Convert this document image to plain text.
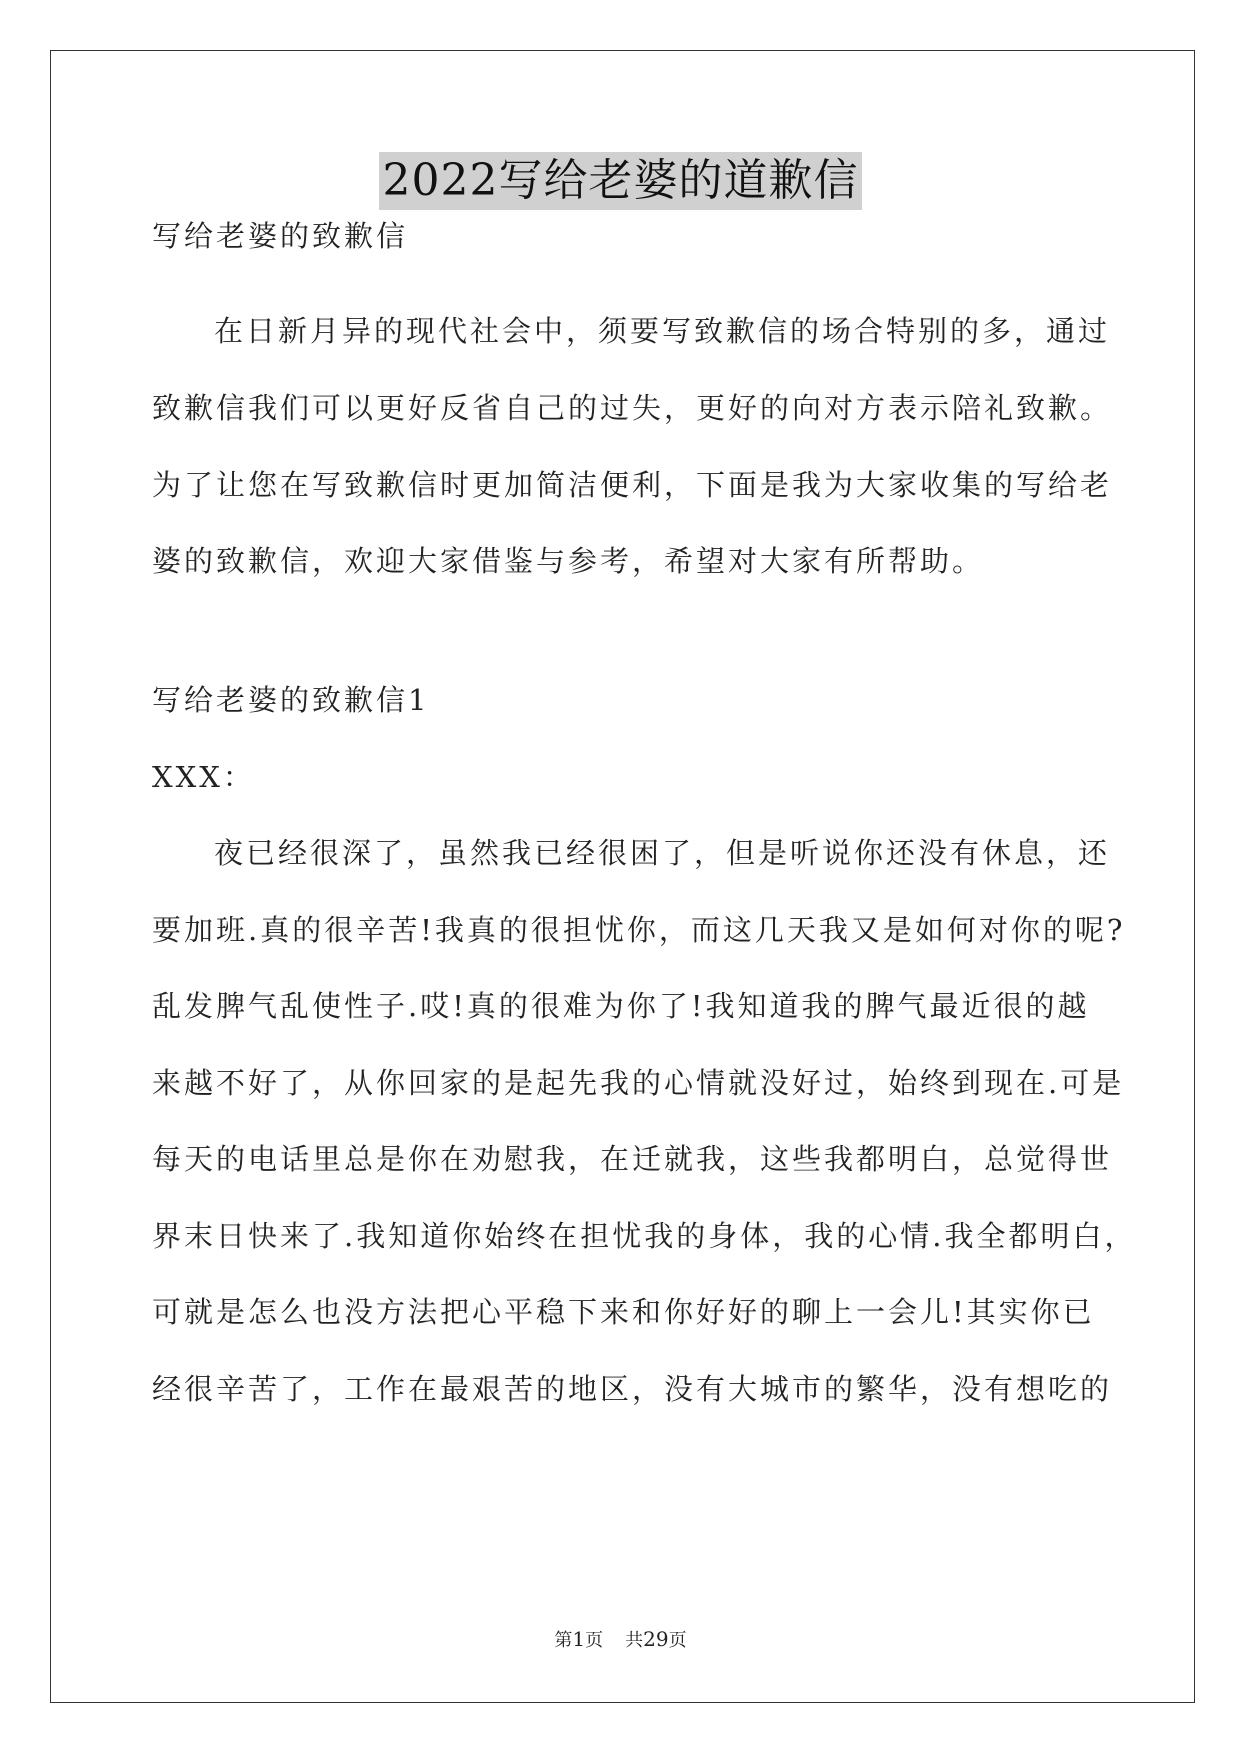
2022写给老婆的道歉信
写给老婆的致歉信
在日新月异的现代社会中，须要写致歉信的场合特别的多，通过
致歉信我们可以更好反省自己的过失，更好的向对方表示陪礼致歉。
为了让您在写致歉信时更加简洁便利，下面是我为大家收集的写给老
婆的致歉信，欢迎大家借鉴与参考，希望对大家有所帮助。
写给老婆的致歉信1
XXX：
夜已经很深了，虽然我已经很困了，但是听说你还没有休息，还
要加班.真的很辛苦!我真的很担忧你，而这几天我又是如何对你的呢?
乱发脾气乱使性子.哎!真的很难为你了!我知道我的脾气最近很的越
来越不好了，从你回家的是起先我的心情就没好过，始终到现在.可是
每天的电话里总是你在劝慰我，在迁就我，这些我都明白，总觉得世
界末日快来了.我知道你始终在担忧我的身体，我的心情.我全都明白，
可就是怎么也没方法把心平稳下来和你好好的聊上一会儿!其实你已
经很辛苦了，工作在最艰苦的地区，没有大城市的繁华，没有想吃的
第1页 共29页
